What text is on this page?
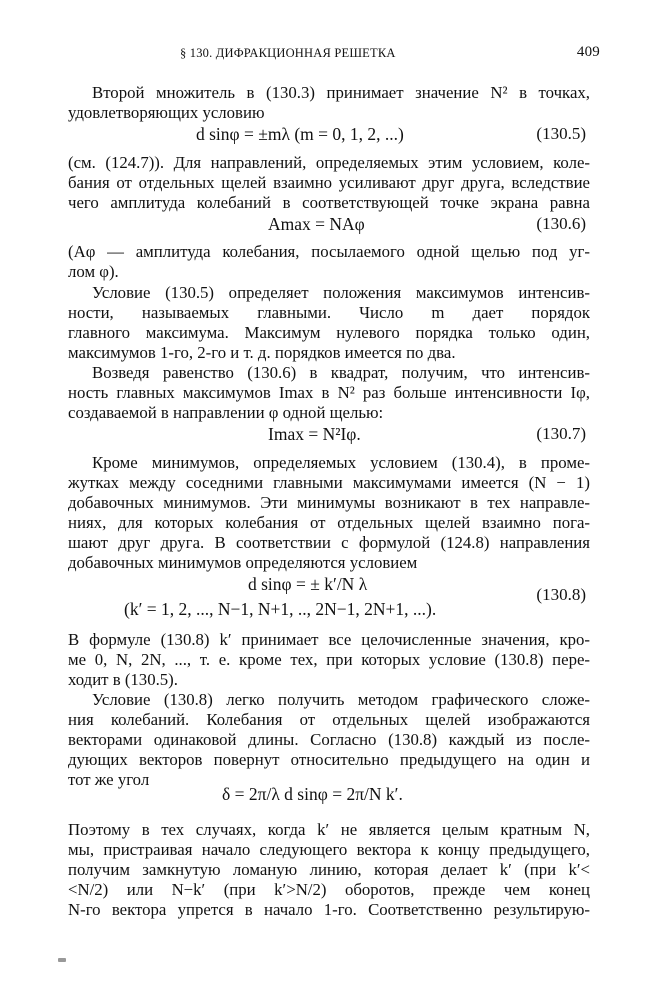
§ 130. ДИФРАКЦИОННАЯ РЕШЕТКА	409
Второй множитель в (130.3) принимает значение N² в точках,
удовлетворяющих условию
d sinφ = ±mλ (m = 0, 1, 2, ...)	(130.5)
(см. (124.7)). Для направлений, определяемых этим условием, коле-
бания от отдельных щелей взаимно усиливают друг друга, вследствие
чего амплитуда колебаний в соответствующей точке экрана равна
Amax = NAφ	(130.6)
(Aφ — амплитуда колебания, посылаемого одной щелью под уг-
лом φ).
Условие (130.5) определяет положения максимумов интенсив-
ности, называемых главными. Число m дает порядок
главного максимума. Максимум нулевого порядка только один,
максимумов 1-го, 2-го и т. д. порядков имеется по два.
Возведя равенство (130.6) в квадрат, получим, что интенсив-
ность главных максимумов Imax в N² раз больше интенсивности Iφ,
создаваемой в направлении φ одной щелью:
Imax = N²Iφ.	(130.7)
Кроме минимумов, определяемых условием (130.4), в проме-
жутках между соседними главными максимумами имеется (N − 1)
добавочных минимумов. Эти минимумы возникают в тех направле-
ниях, для которых колебания от отдельных щелей взаимно пога-
шают друг друга. В соответствии с формулой (124.8) направления
добавочных минимумов определяются условием
d sinφ = ± k′/N λ
(130.8)
(k′ = 1, 2, ..., N−1, N+1, .., 2N−1, 2N+1, ...).
В формуле (130.8) k′ принимает все целочисленные значения, кро-
ме 0, N, 2N, ..., т. е. кроме тех, при которых условие (130.8) пере-
ходит в (130.5).
Условие (130.8) легко получить методом графического сложе-
ния колебаний. Колебания от отдельных щелей изображаются
векторами одинаковой длины. Согласно (130.8) каждый из после-
дующих векторов повернут относительно предыдущего на один и
тот же угол
δ = 2π/λ d sinφ = 2π/N k′.
Поэтому в тех случаях, когда k′ не является целым кратным N,
мы, пристраивая начало следующего вектора к концу предыдущего,
получим замкнутую ломаную линию, которая делает k′ (при k′<
<N/2) или N−k′ (при k′>N/2) оборотов, прежде чем конец
N-го вектора упрется в начало 1-го. Соответственно результирую-
